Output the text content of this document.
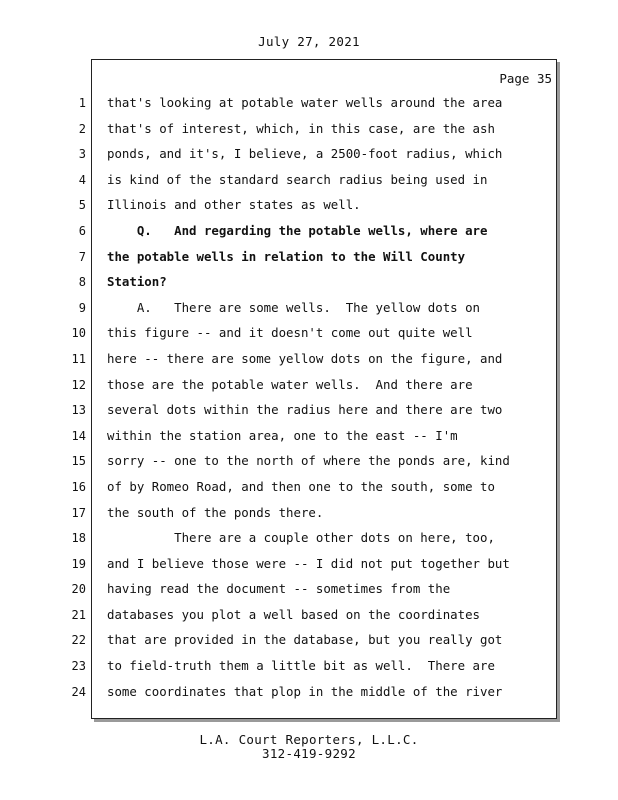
July 27, 2021
Page 35
1
2
3
4
5
6
7
8
9
10
11
12
13
14
15
16
17
18
19
20
21
22
23
24
that's looking at potable water wells around the area
that's of interest, which, in this case, are the ash
ponds, and it's, I believe, a 2500-foot radius, which
is kind of the standard search radius being used in
Illinois and other states as well.
Q.   And regarding the potable wells, where are
the potable wells in relation to the Will County
Station?
A.   There are some wells.  The yellow dots on
this figure -- and it doesn't come out quite well
here -- there are some yellow dots on the figure, and
those are the potable water wells.  And there are
several dots within the radius here and there are two
within the station area, one to the east -- I'm
sorry -- one to the north of where the ponds are, kind
of by Romeo Road, and then one to the south, some to
the south of the ponds there.
There are a couple other dots on here, too,
and I believe those were -- I did not put together but
having read the document -- sometimes from the
databases you plot a well based on the coordinates
that are provided in the database, but you really got
to field-truth them a little bit as well.  There are
some coordinates that plop in the middle of the river
L.A. Court Reporters, L.L.C.
312-419-9292
